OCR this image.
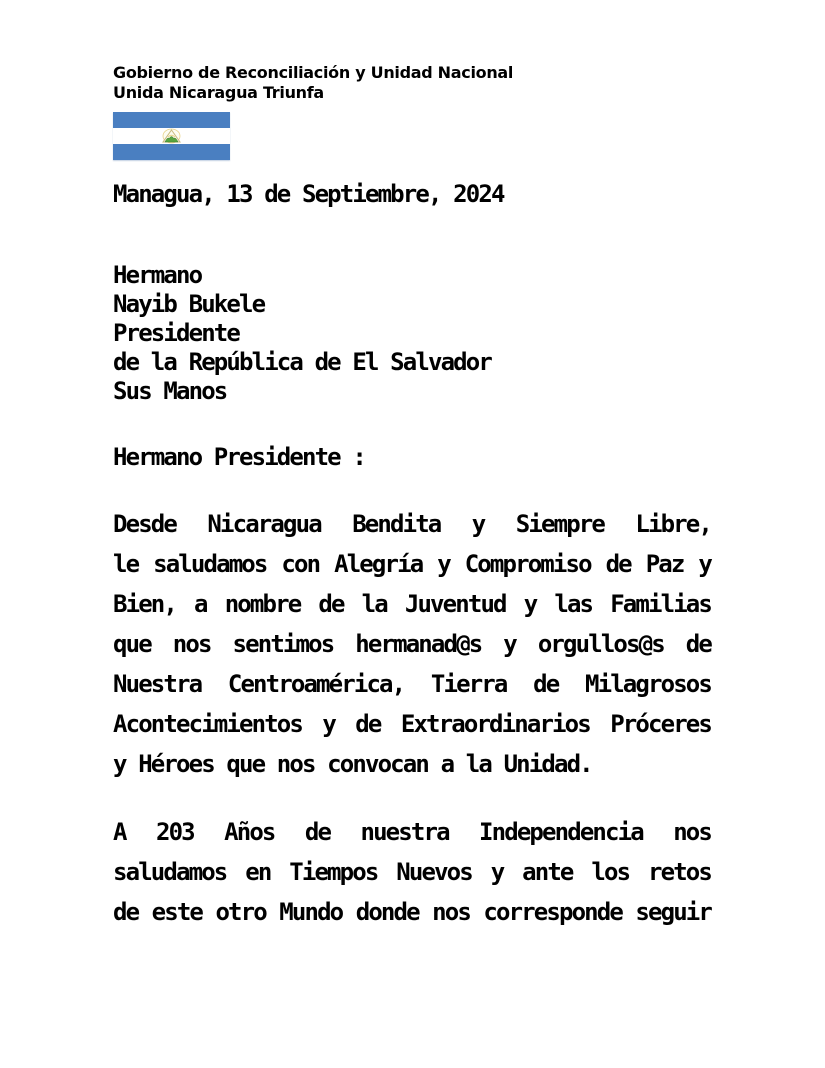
Gobierno de Reconciliación y Unidad Nacional
Unida Nicaragua Triunfa
Managua, 13 de Septiembre, 2024
Hermano
Nayib Bukele
Presidente
de la República de El Salvador
Sus Manos
Hermano Presidente :
Desde Nicaragua Bendita y Siempre Libre,
le saludamos con Alegría y Compromiso de Paz y
Bien, a nombre de la Juventud y las Familias
que nos sentimos hermanad@s y orgullos@s de
Nuestra Centroamérica, Tierra de Milagrosos
Acontecimientos y de Extraordinarios Próceres
y Héroes que nos convocan a la Unidad.
A 203 Años de nuestra Independencia nos
saludamos en Tiempos Nuevos y ante los retos
de este otro Mundo donde nos corresponde seguir
